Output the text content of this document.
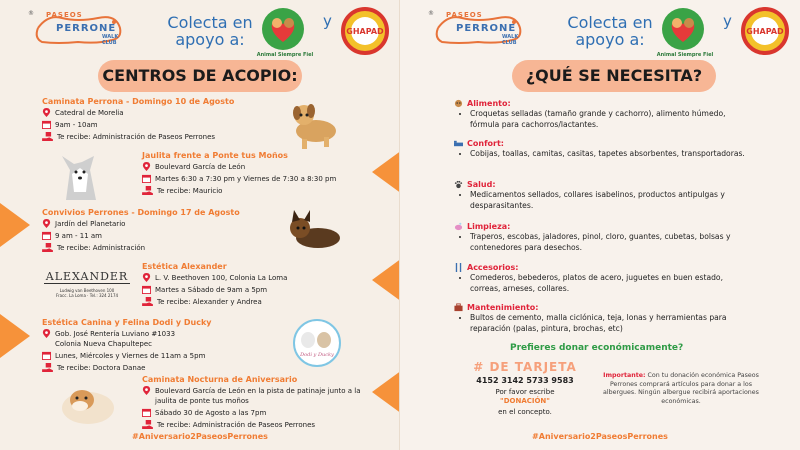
® PASEOS
PERRONE
WALK CLUB
Colecta en
apoyo a:
Animal Siempre Fiel
y
GHAPAD
CENTROS DE ACOPIO:
Caminata Perrona - Domingo 10 de Agosto
Catedral de Morelia
9am - 10am
Te recibe: Administración de Paseos Perrones
Jaulita frente a Ponte tus Moños
Boulevard García de León
Martes 6:30 a 7:30 pm y Viernes de 7:30 a 8:30 pm
Te recibe: Mauricio
Convivios Perrones - Domingo 17 de Agosto
Jardín del Planetario
9 am - 11 am
Te recibe: Administración
ALEXANDER
Ludwig van Beethoven 100
Fracc. La Loma · Tel.: 324 2174
Estética Alexander
L. V. Beethoven 100, Colonia La Loma
Martes a Sábado de 9am a 5pm
Te recibe: Alexander y Andrea
Estética Canina y Felina Dodi y Ducky
Gob. José Rentería Luviano #1033
Colonia Nueva Chapultepec
Lunes, Miércoles y Viernes de 11am a 5pm
Te recibe: Doctora Danae
Dodi y Ducky
Caminata Nocturna de Aniversario
Boulevard García de León en la pista de patinaje junto a la jaulita de ponte tus moños
Sábado 30 de Agosto a las 7pm
Te recibe: Administración de Paseos Perrones
#Aniversario2PaseosPerrones
® PASEOS
PERRONE
WALK CLUB
Colecta en
apoyo a:
Animal Siempre Fiel
y
GHAPAD
¿QUÉ SE NECESITA?
Alimento:
• Croquetas selladas (tamaño grande y cachorro), alimento húmedo, fórmula para cachorros/lactantes.
Confort:
• Cobijas, toallas, camitas, casitas, tapetes absorbentes, transportadoras.
Salud:
• Medicamentos sellados, collares isabelinos, productos antipulgas y desparasitantes.
Limpieza:
• Traperos, escobas, jaladores, pinol, cloro, guantes, cubetas, bolsas y contenedores para desechos.
Accesorios:
• Comederos, bebederos, platos de acero, juguetes en buen estado, correas, arneses, collares.
Mantenimiento:
• Bultos de cemento, malla ciclónica, teja, lonas y herramientas para reparación (palas, pintura, brochas, etc)
Prefieres donar económicamente?
# DE TARJETA
4152 3142 5733 9583
Por favor escribe
"DONACIÓN"
en el concepto.
Importante: Con tu donación económica Paseos Perrones comprará artículos para donar a los albergues. Ningún albergue recibirá aportaciones económicas.
#Aniversario2PaseosPerrones
